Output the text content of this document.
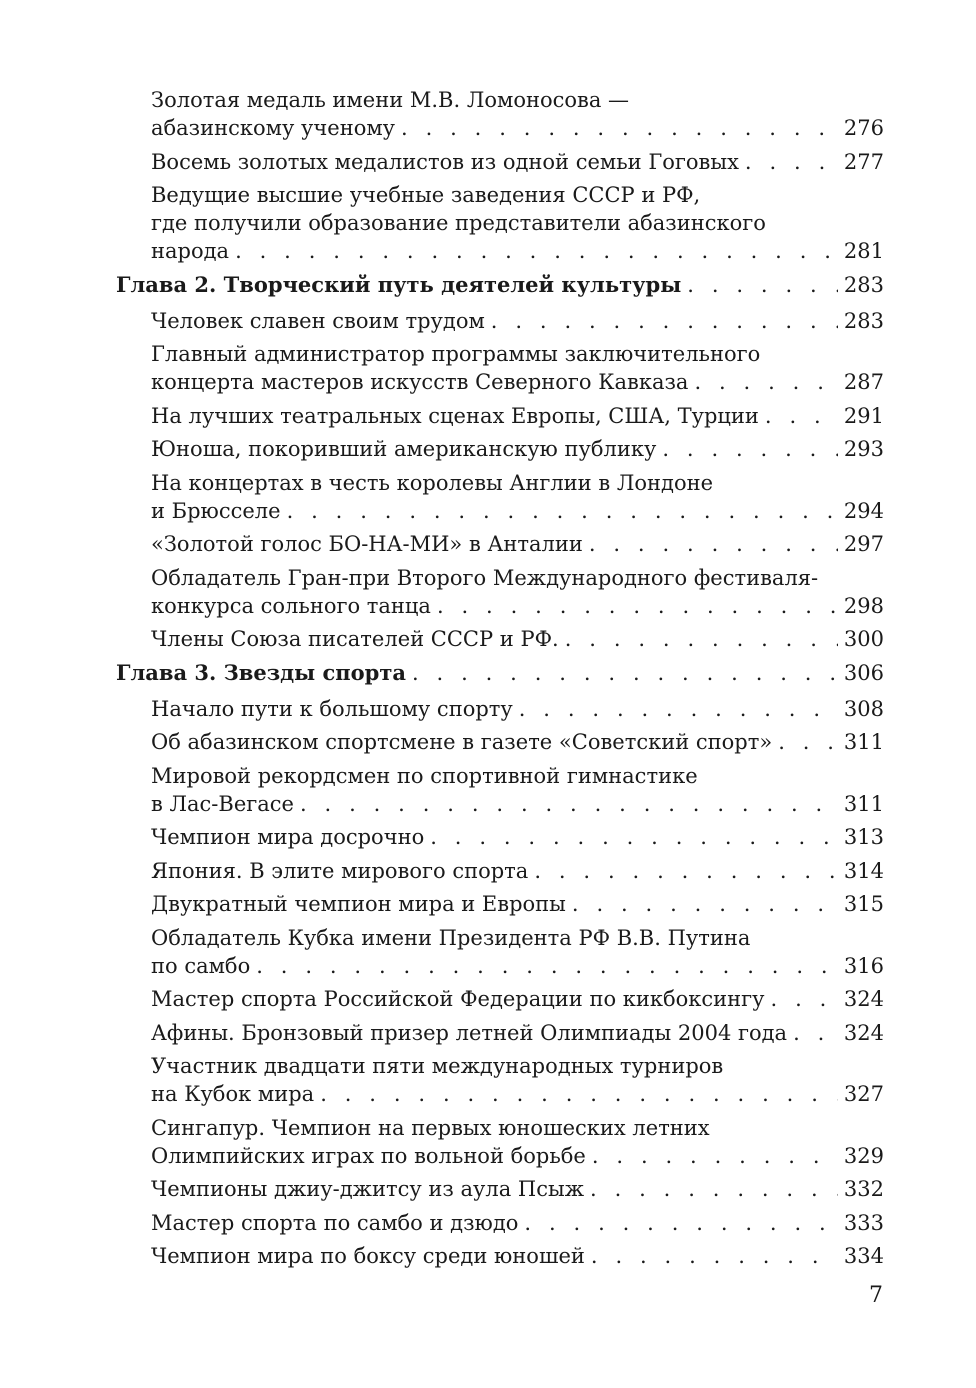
Золотая медаль имени М.В. Ломоносова —
абазинскому ученому . . .	276
Восемь золотых медалистов из одной семьи Гоговых . . .	277
Ведущие высшие учебные заведения СССР и РФ,
где получили образование представители абазинского
народа . . .	281
Глава 2. Творческий путь деятелей культуры . . .	283
Человек славен своим трудом . . .	283
Главный администратор программы заключительного
концерта мастеров искусств Северного Кавказа . . .	287
На лучших театральных сценах Европы, США, Турции . . .	291
Юноша, покоривший американскую публику . . .	293
На концертах в честь королевы Англии в Лондоне
и Брюсселе . . .	294
«Золотой голос БО-НА-МИ» в Анталии . . .	297
Обладатель Гран-при Второго Международного фестиваля-
конкурса сольного танца . . .	298
Члены Союза писателей СССР и РФ. . . .	300
Глава 3. Звезды спорта . . .	306
Начало пути к большому спорту . . .	308
Об абазинском спортсмене в газете «Советский спорт» . . .	311
Мировой рекордсмен по спортивной гимнастике
в Лас-Вегасе . . .	311
Чемпион мира досрочно . . .	313
Япония. В элите мирового спорта . . .	314
Двукратный чемпион мира и Европы . . .	315
Обладатель Кубка имени Президента РФ В.В. Путина
по самбо . . .	316
Мастер спорта Российской Федерации по кикбоксингу . . .	324
Афины. Бронзовый призер летней Олимпиады 2004 года . . .	324
Участник двадцати пяти международных турниров
на Кубок мира . . .	327
Сингапур. Чемпион на первых юношеских летних
Олимпийских играх по вольной борьбе . . .	329
Чемпионы джиу-джитсу из аула Псыж . . .	332
Мастер спорта по самбо и дзюдо . . .	333
Чемпион мира по боксу среди юношей . . .	334
7
